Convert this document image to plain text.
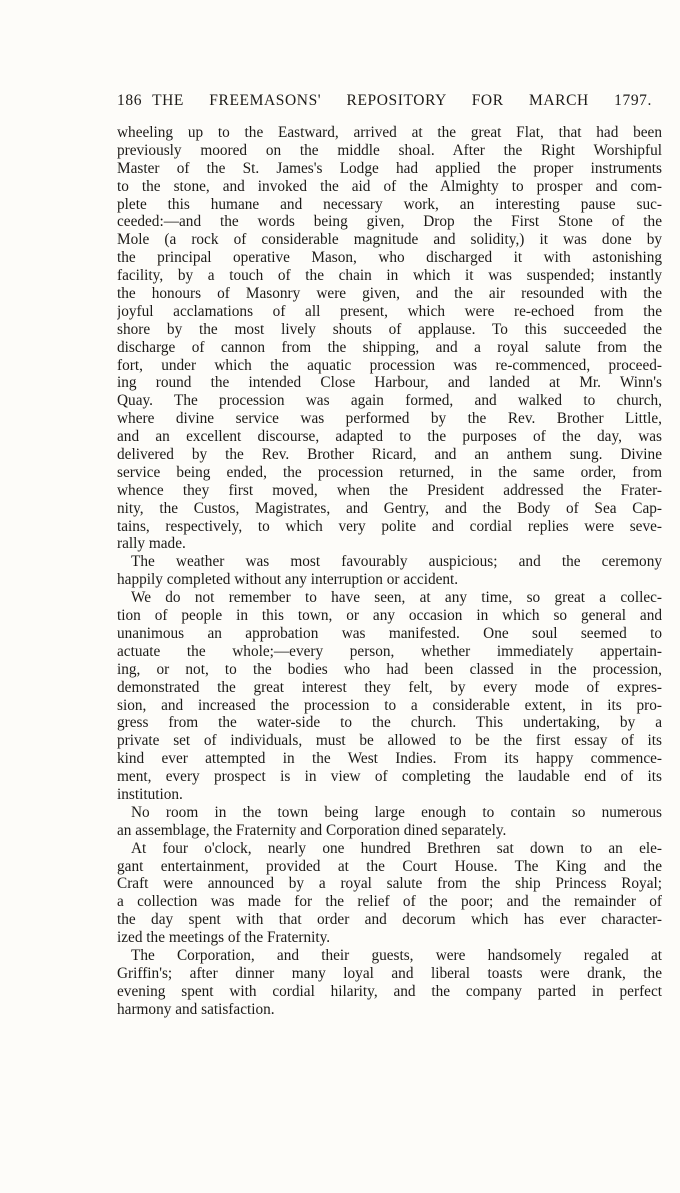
186 THE FREEMASONS' REPOSITORY FOR MARCH 1797.
wheeling up to the Eastward, arrived at the great Flat, that had been
previously moored on the middle shoal. After the Right Worshipful
Master of the St. James's Lodge had applied the proper instruments
to the stone, and invoked the aid of the Almighty to prosper and com-
plete this humane and necessary work, an interesting pause suc-
ceeded:—and the words being given, Drop the First Stone of the
Mole (a rock of considerable magnitude and solidity,) it was done by
the principal operative Mason, who discharged it with astonishing
facility, by a touch of the chain in which it was suspended; instantly
the honours of Masonry were given, and the air resounded with the
joyful acclamations of all present, which were re-echoed from the
shore by the most lively shouts of applause. To this succeeded the
discharge of cannon from the shipping, and a royal salute from the
fort, under which the aquatic procession was re-commenced, proceed-
ing round the intended Close Harbour, and landed at Mr. Winn's
Quay. The procession was again formed, and walked to church,
where divine service was performed by the Rev. Brother Little,
and an excellent discourse, adapted to the purposes of the day, was
delivered by the Rev. Brother Ricard, and an anthem sung. Divine
service being ended, the procession returned, in the same order, from
whence they first moved, when the President addressed the Frater-
nity, the Custos, Magistrates, and Gentry, and the Body of Sea Cap-
tains, respectively, to which very polite and cordial replies were seve-
rally made.
The weather was most favourably auspicious; and the ceremony
happily completed without any interruption or accident.
We do not remember to have seen, at any time, so great a collec-
tion of people in this town, or any occasion in which so general and
unanimous an approbation was manifested. One soul seemed to
actuate the whole;—every person, whether immediately appertain-
ing, or not, to the bodies who had been classed in the procession,
demonstrated the great interest they felt, by every mode of expres-
sion, and increased the procession to a considerable extent, in its pro-
gress from the water-side to the church. This undertaking, by a
private set of individuals, must be allowed to be the first essay of its
kind ever attempted in the West Indies. From its happy commence-
ment, every prospect is in view of completing the laudable end of its
institution.
No room in the town being large enough to contain so numerous
an assemblage, the Fraternity and Corporation dined separately.
At four o'clock, nearly one hundred Brethren sat down to an ele-
gant entertainment, provided at the Court House. The King and the
Craft were announced by a royal salute from the ship Princess Royal;
a collection was made for the relief of the poor; and the remainder of
the day spent with that order and decorum which has ever character-
ized the meetings of the Fraternity.
The Corporation, and their guests, were handsomely regaled at
Griffin's; after dinner many loyal and liberal toasts were drank, the
evening spent with cordial hilarity, and the company parted in perfect
harmony and satisfaction.
